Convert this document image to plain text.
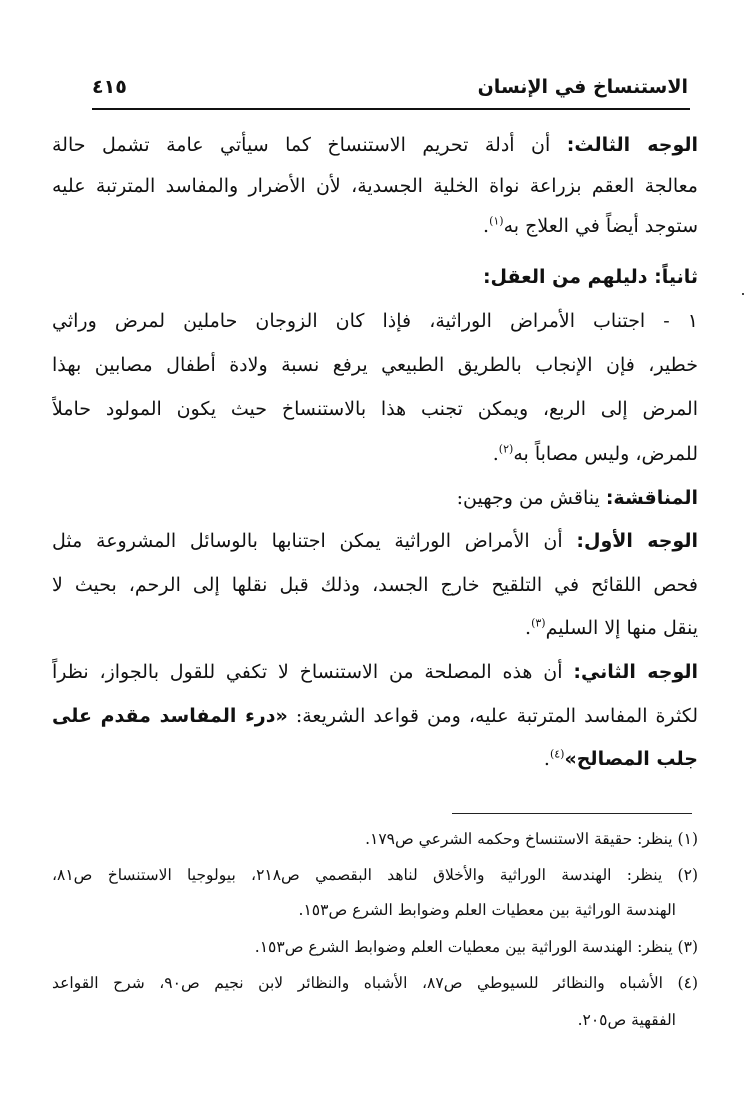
الاستنساخ في الإنسان
٤١٥
الوجه الثالث: أن أدلة تحريم الاستنساخ كما سيأتي عامة تشمل حالة
معالجة العقم بزراعة نواة الخلية الجسدية، لأن الأضرار والمفاسد المترتبة عليه
ستوجد أيضاً في العلاج به$^{(١)}$.
ثانياً: دليلهم من العقل:
١ - اجتناب الأمراض الوراثية، فإذا كان الزوجان حاملين لمرض وراثي
خطير، فإن الإنجاب بالطريق الطبيعي يرفع نسبة ولادة أطفال مصابين بهذا
المرض إلى الربع، ويمكن تجنب هذا بالاستنساخ حيث يكون المولود حاملاً
للمرض، وليس مصاباً به$^{(٢)}$.
المناقشة: يناقش من وجهين:
الوجه الأول: أن الأمراض الوراثية يمكن اجتنابها بالوسائل المشروعة مثل
فحص اللقائح في التلقيح خارج الجسد، وذلك قبل نقلها إلى الرحم، بحيث لا
ينقل منها إلا السليم$^{(٣)}$.
الوجه الثاني: أن هذه المصلحة من الاستنساخ لا تكفي للقول بالجواز، نظراً
لكثرة المفاسد المترتبة عليه، ومن قواعد الشريعة: «درء المفاسد مقدم على
جلب المصالح»$^{(٤)}$.
(١) ينظر: حقيقة الاستنساخ وحكمه الشرعي ص١٧٩.
(٢) ينظر: الهندسة الوراثية والأخلاق لناهد البقصمي ص٢١٨، بيولوجيا الاستنساخ ص٨١،
الهندسة الوراثية بين معطيات العلم وضوابط الشرع ص١٥٣.
(٣) ينظر: الهندسة الوراثية بين معطيات العلم وضوابط الشرع ص١٥٣.
(٤) الأشباه والنظائر للسيوطي ص٨٧، الأشباه والنظائر لابن نجيم ص٩٠، شرح القواعد
الفقهية ص٢٠٥.
